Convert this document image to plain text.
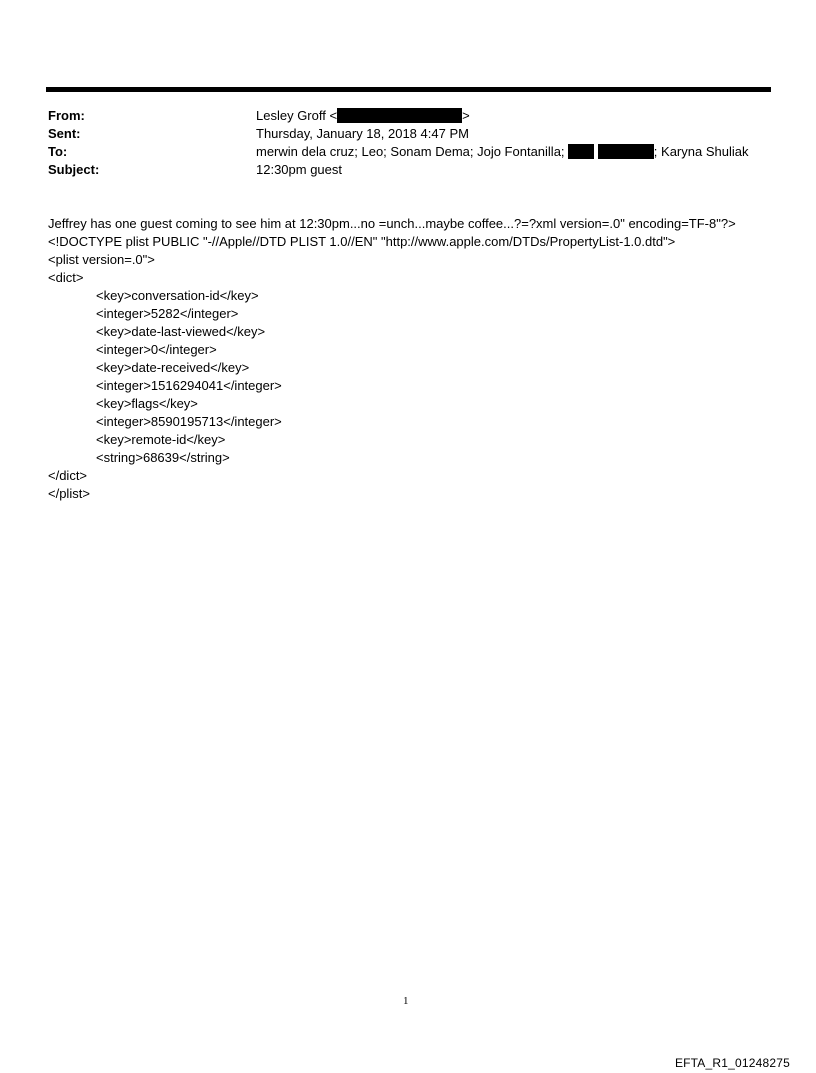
From:	Lesley Groff <	>
Sent:	Thursday, January 18, 2018 4:47 PM
To:	merwin dela cruz; Leo; Sonam Dema; Jojo Fontanilla;	; Karyna Shuliak
Subject:	12:30pm guest
Jeffrey has one guest coming to see him at 12:30pm...no =unch...maybe coffee...?=?xml version=.0" encoding=TF-8"?>
<!DOCTYPE plist PUBLIC "-//Apple//DTD PLIST 1.0//EN" "http://www.apple.com/DTDs/PropertyList-1.0.dtd">
<plist version=.0">
<dict>
<key>conversation-id</key>
<integer>5282</integer>
<key>date-last-viewed</key>
<integer>0</integer>
<key>date-received</key>
<integer>1516294041</integer>
<key>flags</key>
<integer>8590195713</integer>
<key>remote-id</key>
<string>68639</string>
</dict>
</plist>
1
EFTA_R1_01248275
